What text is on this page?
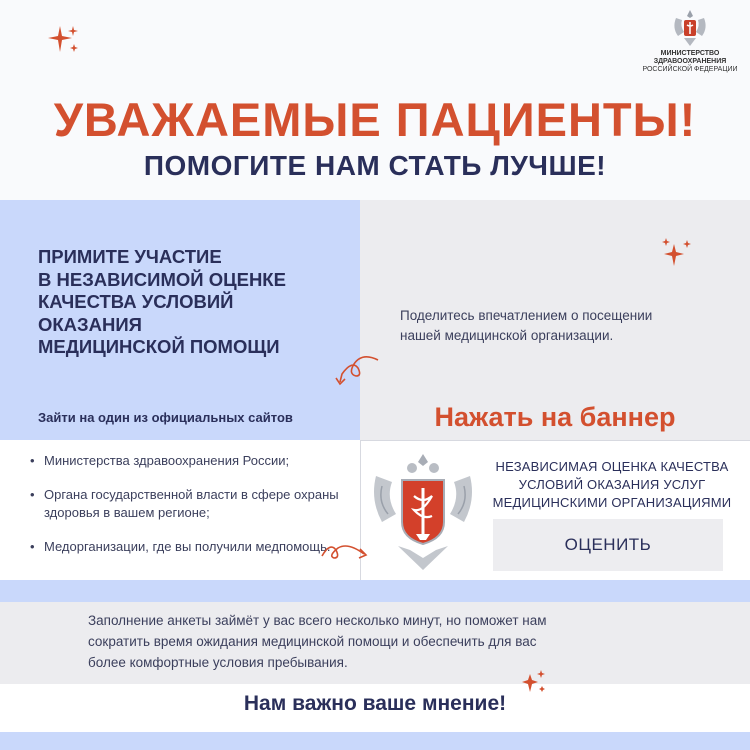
МИНИСТЕРСТВО
ЗДРАВООХРАНЕНИЯ
РОССИЙСКОЙ ФЕДЕРАЦИИ
УВАЖАЕМЫЕ ПАЦИЕНТЫ!
ПОМОГИТЕ НАМ СТАТЬ ЛУЧШЕ!
ПРИМИТЕ УЧАСТИЕ
В НЕЗАВИСИМОЙ ОЦЕНКЕ
КАЧЕСТВА УСЛОВИЙ
ОКАЗАНИЯ
МЕДИЦИНСКОЙ ПОМОЩИ
Зайти на один из официальных сайтов
Поделитесь впечатлением о посещении
нашей медицинской организации.
Нажать на баннер
• Министерства здравоохранения России;
• Органа государственной власти в сфере охраны здоровья в вашем регионе;
• Медорганизации, где вы получили медпомощь.
НЕЗАВИСИМАЯ ОЦЕНКА КАЧЕСТВА
УСЛОВИЙ ОКАЗАНИЯ УСЛУГ
МЕДИЦИНСКИМИ ОРГАНИЗАЦИЯМИ
ОЦЕНИТЬ
Заполнение анкеты займёт у вас всего несколько минут, но поможет нам
сократить время ожидания медицинской помощи и обеспечить для вас
более комфортные условия пребывания.
Нам важно ваше мнение!
